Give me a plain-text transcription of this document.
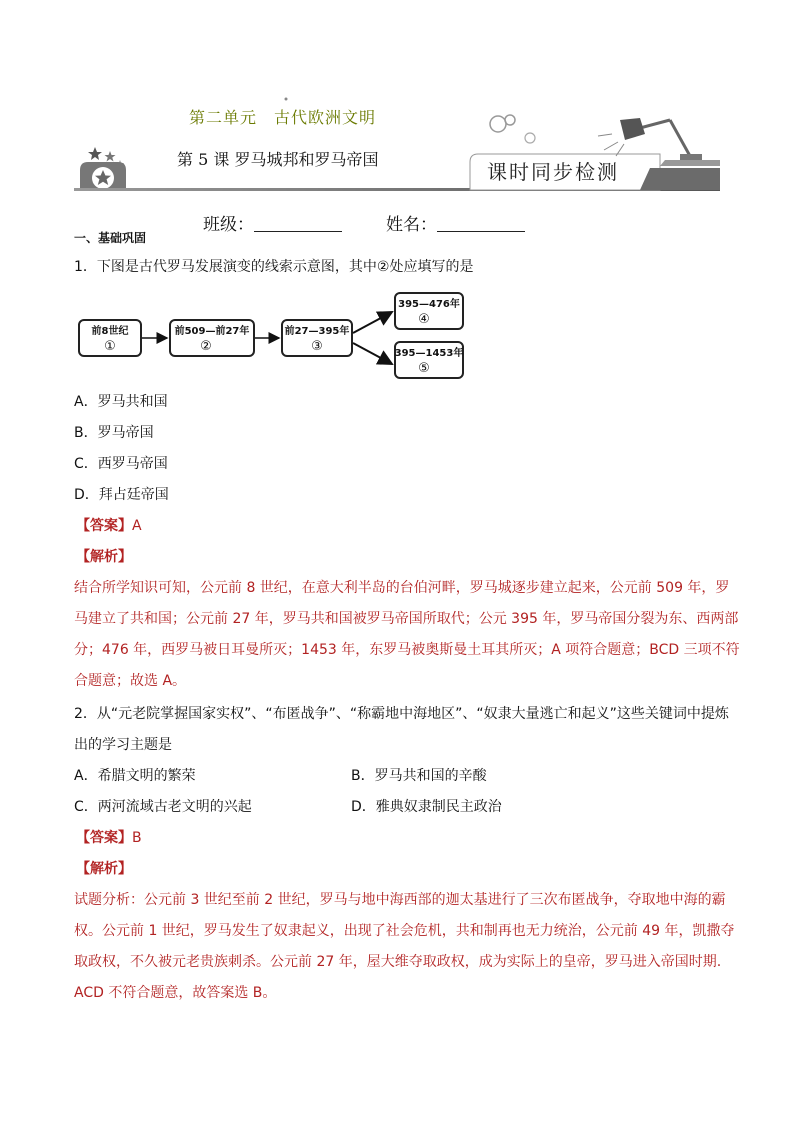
第二单元　古代欧洲文明
第 5 课 罗马城邦和罗马帝国
课时同步检测
班级：	姓名：
一、基础巩固
1．下图是古代罗马发展演变的线索示意图，其中②处应填写的是
前8世纪
①
前509—前27年
②
前27—395年
③
395—476年
④
395—1453年
⑤
A．罗马共和国
B．罗马帝国
C．西罗马帝国
D．拜占廷帝国
【答案】A
【解析】
结合所学知识可知，公元前 8 世纪，在意大利半岛的台伯河畔，罗马城逐步建立起来，公元前 509 年，罗
马建立了共和国；公元前 27 年，罗马共和国被罗马帝国所取代；公元 395 年，罗马帝国分裂为东、西两部
分；476 年，西罗马被日耳曼所灭；1453 年，东罗马被奥斯曼土耳其所灭；A 项符合题意；BCD 三项不符
合题意；故选 A。
2．从“元老院掌握国家实权”、“布匿战争”、“称霸地中海地区”、“奴隶大量逃亡和起义”这些关键词中提炼
出的学习主题是
A．希腊文明的繁荣	B．罗马共和国的辛酸
C．两河流域古老文明的兴起	D．雅典奴隶制民主政治
【答案】B
【解析】
试题分析：公元前 3 世纪至前 2 世纪，罗马与地中海西部的迦太基进行了三次布匿战争，夺取地中海的霸
权。公元前 1 世纪，罗马发生了奴隶起义，出现了社会危机，共和制再也无力统治，公元前 49 年，凯撒夺
取政权，不久被元老贵族刺杀。公元前 27 年，屋大维夺取政权，成为实际上的皇帝，罗马进入帝国时期.
ACD 不符合题意，故答案选 B。
